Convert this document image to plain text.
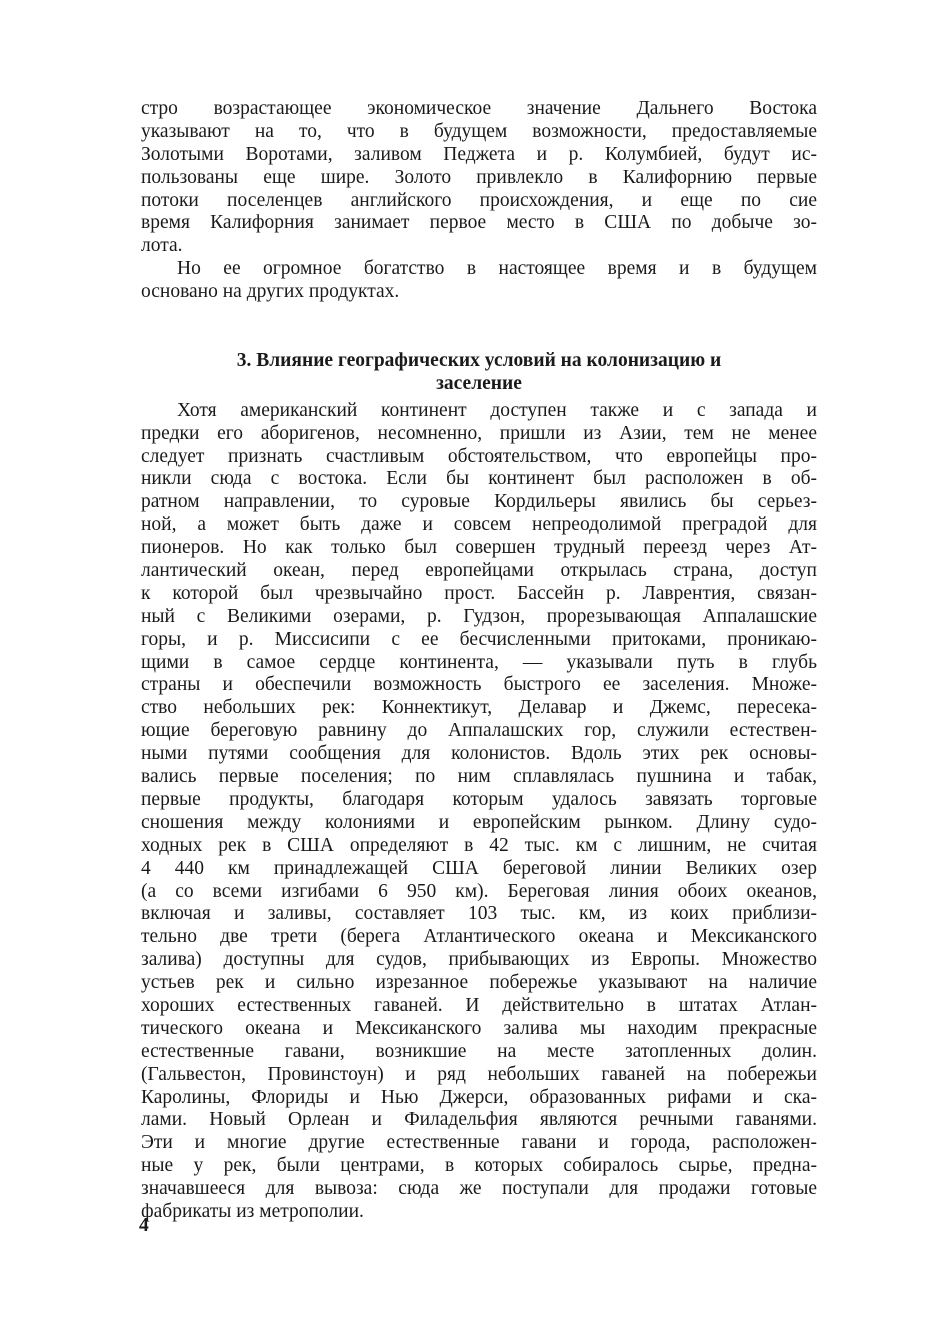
стро возрастающее экономическое значение Дальнего Востока
указывают на то, что в будущем возможности, предоставляемые
Золотыми Воротами, заливом Педжета и р. Колумбией, будут ис-
пользованы еще шире. Золото привлекло в Калифорнию первые
потоки поселенцев английского происхождения, и еще по сие
время Калифорния занимает первое место в США по добыче зо-
лота.
Но ее огромное богатство в настоящее время и в будущем
основано на других продуктах.
3. Влияние географических условий на колонизацию и
заселение
Хотя американский континент доступен также и с запада и
предки его аборигенов, несомненно, пришли из Азии, тем не менее
следует признать счастливым обстоятельством, что европейцы про-
никли сюда с востока. Если бы континент был расположен в об-
ратном направлении, то суровые Кордильеры явились бы серьез-
ной, а может быть даже и совсем непреодолимой преградой для
пионеров. Но как только был совершен трудный переезд через Ат-
лантический океан, перед европейцами открылась страна, доступ
к которой был чрезвычайно прост. Бассейн р. Лаврентия, связан-
ный с Великими озерами, р. Гудзон, прорезывающая Аппалашские
горы, и р. Миссисипи с ее бесчисленными притоками, проникаю-
щими в самое сердце континента, — указывали путь в глубь
страны и обеспечили возможность быстрого ее заселения. Множе-
ство небольших рек: Коннектикут, Делавар и Джемс, пересека-
ющие береговую равнину до Аппалашских гор, служили естествен-
ными путями сообщения для колонистов. Вдоль этих рек основы-
вались первые поселения; по ним сплавлялась пушнина и табак,
первые продукты, благодаря которым удалось завязать торговые
сношения между колониями и европейским рынком. Длину судо-
ходных рек в США определяют в 42 тыс. км с лишним, не считая
4 440 км принадлежащей США береговой линии Великих озер
(а со всеми изгибами 6 950 км). Береговая линия обоих океанов,
включая и заливы, составляет 103 тыс. км, из коих приблизи-
тельно две трети (берега Атлантического океана и Мексиканского
залива) доступны для судов, прибывающих из Европы. Множество
устьев рек и сильно изрезанное побережье указывают на наличие
хороших естественных гаваней. И действительно в штатах Атлан-
тического океана и Мексиканского залива мы находим прекрасные
естественные гавани, возникшие на месте затопленных долин.
(Гальвестон, Провинстоун) и ряд небольших гаваней на побережьи
Каролины, Флориды и Нью Джерси, образованных рифами и ска-
лами. Новый Орлеан и Филадельфия являются речными гаванями.
Эти и многие другие естественные гавани и города, расположен-
ные у рек, были центрами, в которых собиралось сырье, предна-
значавшееся для вывоза: сюда же поступали для продажи готовые
фабрикаты из метрополии.
4
